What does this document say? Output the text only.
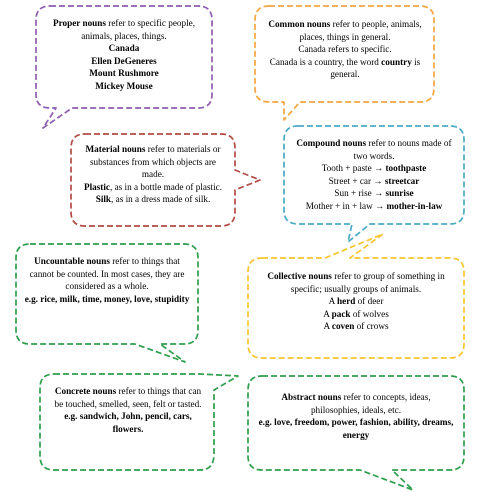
Proper nouns refer to specific people, animals, places, things.
Canada
Ellen DeGeneres
Mount Rushmore
Mickey Mouse
Common nouns refer to people, animals, places, things in general.
Canada refers to specific.
Canada is a country, the word country is general.
Material nouns refer to materials or substances from which objects are made.
Plastic, as in a bottle made of plastic.
Silk, as in a dress made of silk.
Compound nouns refer to nouns made of two words.
Tooth + paste → toothpaste
Street + car → streetcar
Sun + rise → sunrise
Mother + in + law → mother-in-law
Uncountable nouns refer to things that cannot be counted. In most cases, they are considered as a whole.
e.g. rice, milk, time, money, love, stupidity
Collective nouns refer to group of something in specific; usually groups of animals.
A herd of deer
A pack of wolves
A coven of crows
Concrete nouns refer to things that can be touched, smelled, seen, felt or tasted.
e.g. sandwich, John, pencil, cars, flowers.
Abstract nouns refer to concepts, ideas, philosophies, ideals, etc.
e.g. love, freedom, power, fashion, ability, dreams, energy
